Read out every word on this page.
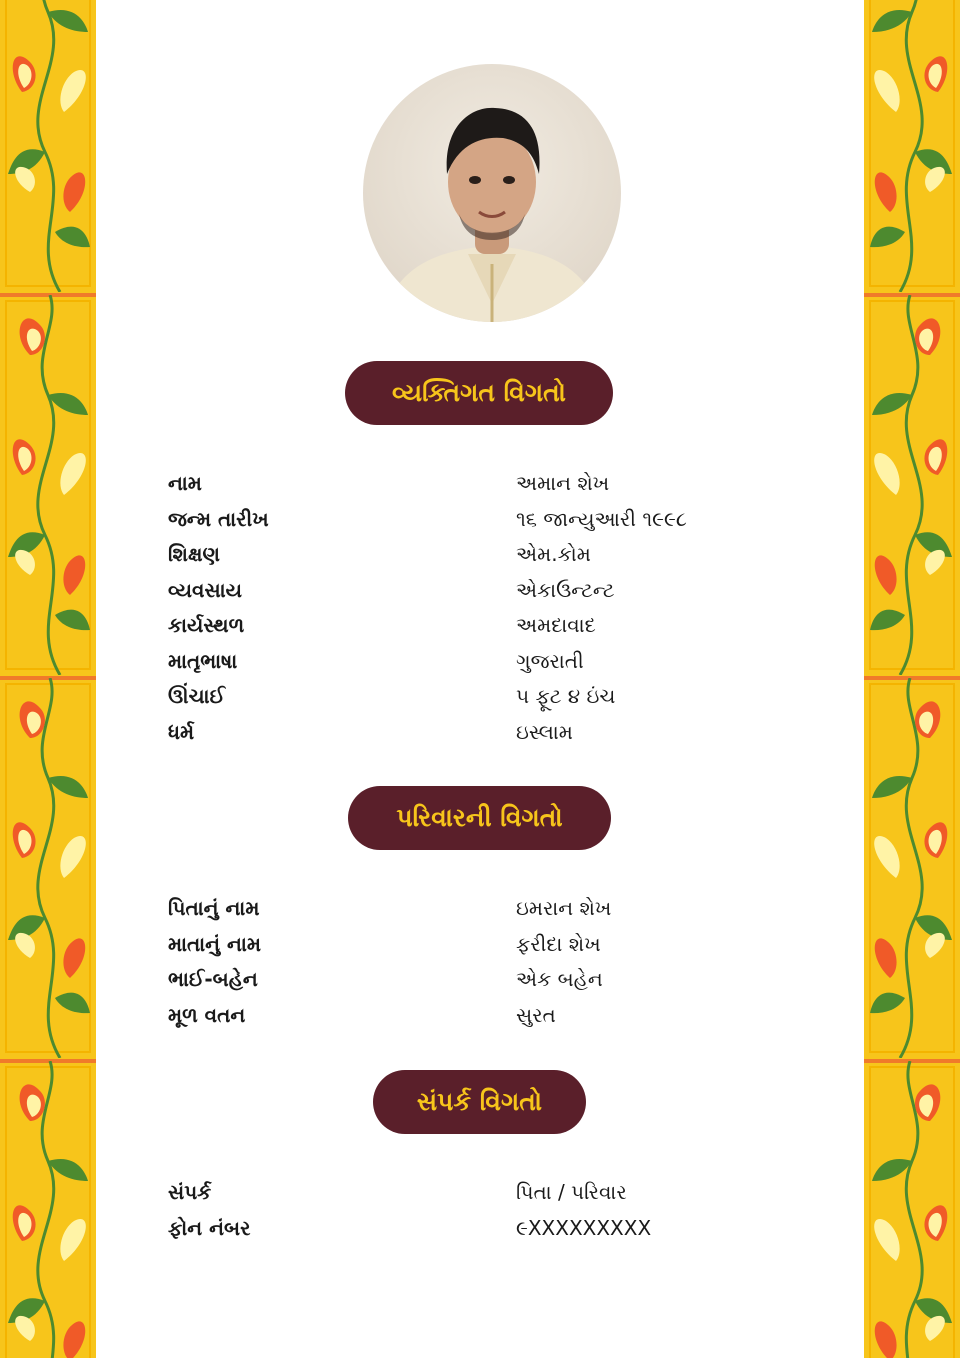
વ્યક્તિગત વિગતો
નામ	અમાન શેખ
જન્મ તારીખ	૧૬ જાન્યુઆરી ૧૯૯૮
શિક્ષણ	એમ.કોમ
વ્યવસાય	એકાઉન્ટન્ટ
કાર્યસ્થળ	અમદાવાદ
માતૃભાષા	ગુજરાતી
ઊંચાઈ	૫ ફૂટ ૪ ઇંચ
ધર્મ	ઇસ્લામ
પરિવારની વિગતો
પિતાનું નામ	ઇમરાન શેખ
માતાનું નામ	ફરીદા શેખ
ભાઈ-બહેન	એક બહેન
મૂળ વતન	સુરત
સંપર્ક વિગતો
સંપર્ક	પિતા / પરિવાર
ફોન નંબર	૯XXXXXXXXX
